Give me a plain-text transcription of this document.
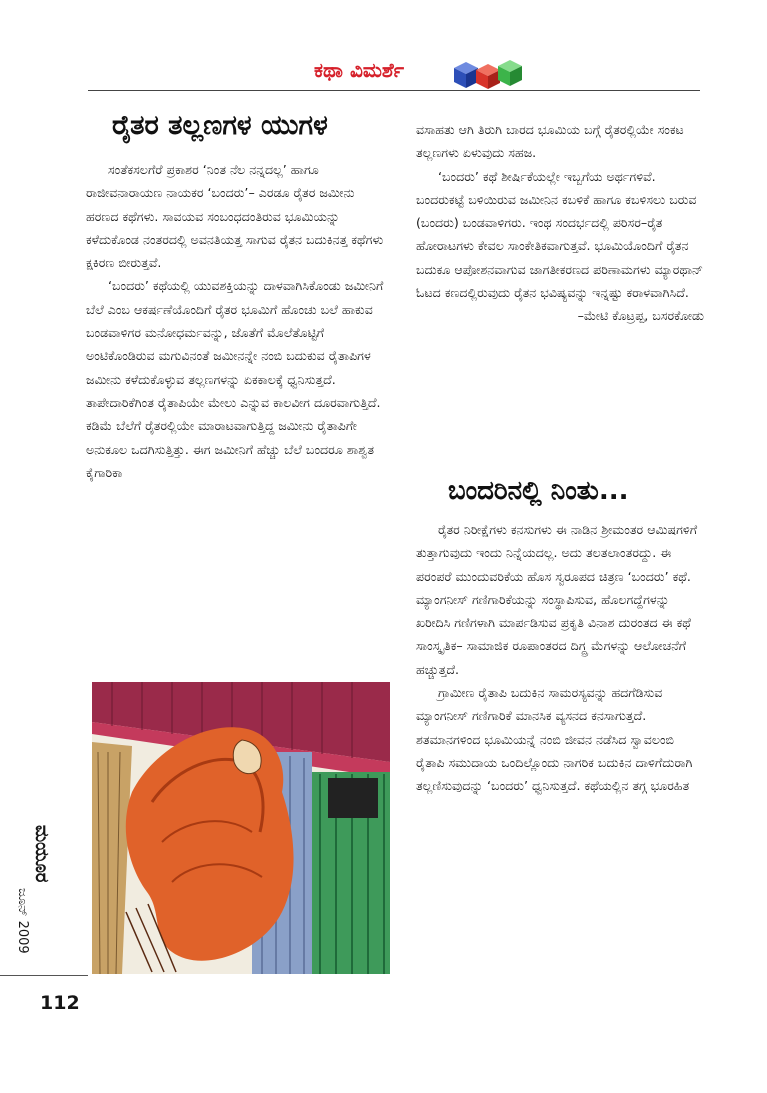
ಕಥಾ ವಿಮರ್ಶೆ
ರೈತರ ತಲ್ಲಣಗಳ ಯುಗಳ

ಸಂತೆಕಸಲಗೆರೆ ಪ್ರಕಾಶರ ‘ನಿಂತ ನೆಲ ನನ್ನದಲ್ಲ’ ಹಾಗೂ ರಾಜೀವನಾರಾಯಣ ನಾಯಕರ ‘ಬಂದರು’– ಎರಡೂ ರೈತರ ಜಮೀನು ಹರಣದ ಕಥೆಗಳು. ಸಾವಯವ ಸಂಬಂಧದಂತಿರುವ ಭೂಮಿಯನ್ನು ಕಳೆದುಕೊಂಡ ನಂತರದಲ್ಲಿ ಅವನತಿಯತ್ತ ಸಾಗುವ ರೈತನ ಬದುಕಿನತ್ತ ಕಥೆಗಳು ಕ್ಷಕಿರಣ ಬೀರುತ್ತವೆ.

‘ಬಂದರು’ ಕಥೆಯಲ್ಲಿ ಯುವಶಕ್ತಿಯನ್ನು ದಾಳವಾಗಿಸಿಕೊಂಡು ಜಮೀನಿಗೆ ಬೆಲೆ ಎಂಬ ಆಕರ್ಷಣೆಯೊಂದಿಗೆ ರೈತರ ಭೂಮಿಗೆ ಹೊಂಚು ಬಲೆ ಹಾಕುವ ಬಂಡವಾಳಿಗರ ಮನೋಧರ್ಮವನ್ನು, ಜೊತೆಗೆ ಮೊಲೆತೊಟ್ಟಿಗೆ ಅಂಟಿಕೊಂಡಿರುವ ಮಗುವಿನಂತೆ ಜಮೀನನ್ನೇ ನಂಬಿ ಬದುಕುವ ರೈತಾಪಿಗಳ ಜಮೀನು ಕಳೆದುಕೊಳ್ಳುವ ತಲ್ಲಣಗಳನ್ನು ಏಕಕಾಲಕ್ಕೆ ಧ್ವನಿಸುತ್ತದೆ. ತಾಪೇದಾರಿಕೆಗಿಂತ ರೈತಾಪಿಯೇ ಮೇಲು ಎನ್ನುವ ಕಾಲವೀಗ ದೂರವಾಗುತ್ತಿದೆ. ಕಡಿಮೆ ಬೆಲೆಗೆ ರೈತರಲ್ಲಿಯೇ ಮಾರಾಟವಾಗುತ್ತಿದ್ದ ಜಮೀನು ರೈತಾಪಿಗೇ ಅನುಕೂಲ ಒದಗಿಸುತ್ತಿತ್ತು. ಈಗ ಜಮೀನಿಗೆ ಹೆಚ್ಚು ಬೆಲೆ ಬಂದರೂ ಶಾಶ್ವತ ಕೈಗಾರಿಕಾ

ವಸಾಹತು ಆಗಿ ತಿರುಗಿ ಬಾರದ ಭೂಮಿಯ ಬಗ್ಗೆ ರೈತರಲ್ಲಿಯೇ ಸಂಕಟ ತಲ್ಲಣಗಳು ಏಳುವುದು ಸಹಜ.

‘ಬಂದರು’ ಕಥೆ ಶೀರ್ಷಿಕೆಯಲ್ಲೇ ಇಬ್ಬಗೆಯ ಅರ್ಥಗಳಿವೆ. ಬಂದರುಕಟ್ಟೆ ಬಳಿಯಿರುವ ಜಮೀನಿನ ಕಬಳಿಕೆ ಹಾಗೂ ಕಬಳಿಸಲು ಬರುವ (ಬಂದರು) ಬಂಡವಾಳಿಗರು. ಇಂಥ ಸಂದರ್ಭದಲ್ಲಿ ಪರಿಸರ–ರೈತ ಹೋರಾಟಗಳು ಕೇವಲ ಸಾಂಕೇತಿಕವಾಗುತ್ತವೆ. ಭೂಮಿಯೊಂದಿಗೆ ರೈತನ ಬದುಕೂ ಆಪೋಶನವಾಗುವ ಜಾಗತೀಕರಣದ ಪರಿಣಾಮಗಳು ಮ್ಯಾರಥಾನ್ ಓಟದ ಕಣದಲ್ಲಿರುವುದು ರೈತನ ಭವಿಷ್ಯವನ್ನು ಇನ್ನಷ್ಟು ಕರಾಳವಾಗಿಸಿದೆ.

–ಮೇಟಿ ಕೊಟ್ರಪ್ಪ, ಬಸರಕೋಡು

ಬಂದರಿನಲ್ಲಿ ನಿಂತು...

ರೈತರ ನಿರೀಕ್ಷೆಗಳು ಕನಸುಗಳು ಈ ನಾಡಿನ ಶ್ರೀಮಂತರ ಆಮಿಷಗಳಿಗೆ ತುತ್ತಾಗುವುದು ಇಂದು ನಿನ್ನೆಯದಲ್ಲ. ಅದು ತಲತಲಾಂತರದ್ದು. ಈ ಪರಂಪರೆ ಮುಂದುವರಿಕೆಯ ಹೊಸ ಸ್ವರೂಪದ ಚಿತ್ರಣ ‘ಬಂದರು’ ಕಥೆ. ಮ್ಯಾಂಗನೀಸ್ ಗಣಿಗಾರಿಕೆಯನ್ನು ಸಂಸ್ಥಾಪಿಸುವ, ಹೊಲಗದ್ದೆಗಳನ್ನು ಖರೀದಿಸಿ ಗಣಿಗಳಾಗಿ ಮಾರ್ಪಡಿಸುವ ಪ್ರಕೃತಿ ವಿನಾಶ ದುರಂತದ ಈ ಕಥೆ ಸಾಂಸ್ಕೃತಿಕ– ಸಾಮಾಜಿಕ ರೂಪಾಂತರದ ದಿಗ್ದ್ರ ಮೆಗಳನ್ನು ಆಲೋಚನೆಗೆ ಹಚ್ಚುತ್ತದೆ.

ಗ್ರಾಮೀಣ ರೈತಾಪಿ ಬದುಕಿನ ಸಾಮರಸ್ಯವನ್ನು ಹದಗೆಡಿಸುವ ಮ್ಯಾಂಗನೀಸ್ ಗಣಿಗಾರಿಕೆ ಮಾನಸಿಕ ವ್ಯಸನದ ಕನಸಾಗುತ್ತದೆ. ಶತಮಾನಗಳಿಂದ ಭೂಮಿಯನ್ನೆ ನಂಬಿ ಜೀವನ ನಡೆಸಿದ ಸ್ವಾವಲಂಬಿ ರೈತಾಪಿ ಸಮುದಾಯ ಒಂದಿಲ್ಲೊಂದು ನಾಗರಿಕ ಬದುಕಿನ ದಾಳಿಗೆದುರಾಗಿ ತಲ್ಲಣಿಸುವುದನ್ನು ‘ಬಂದರು’ ಧ್ವನಿಸುತ್ತದೆ. ಕಥೆಯಲ್ಲಿನ ತಗ್ಗ ಭೂರಹಿತ

ಮಯೂರ
ಜೂನ್ 2009
112
